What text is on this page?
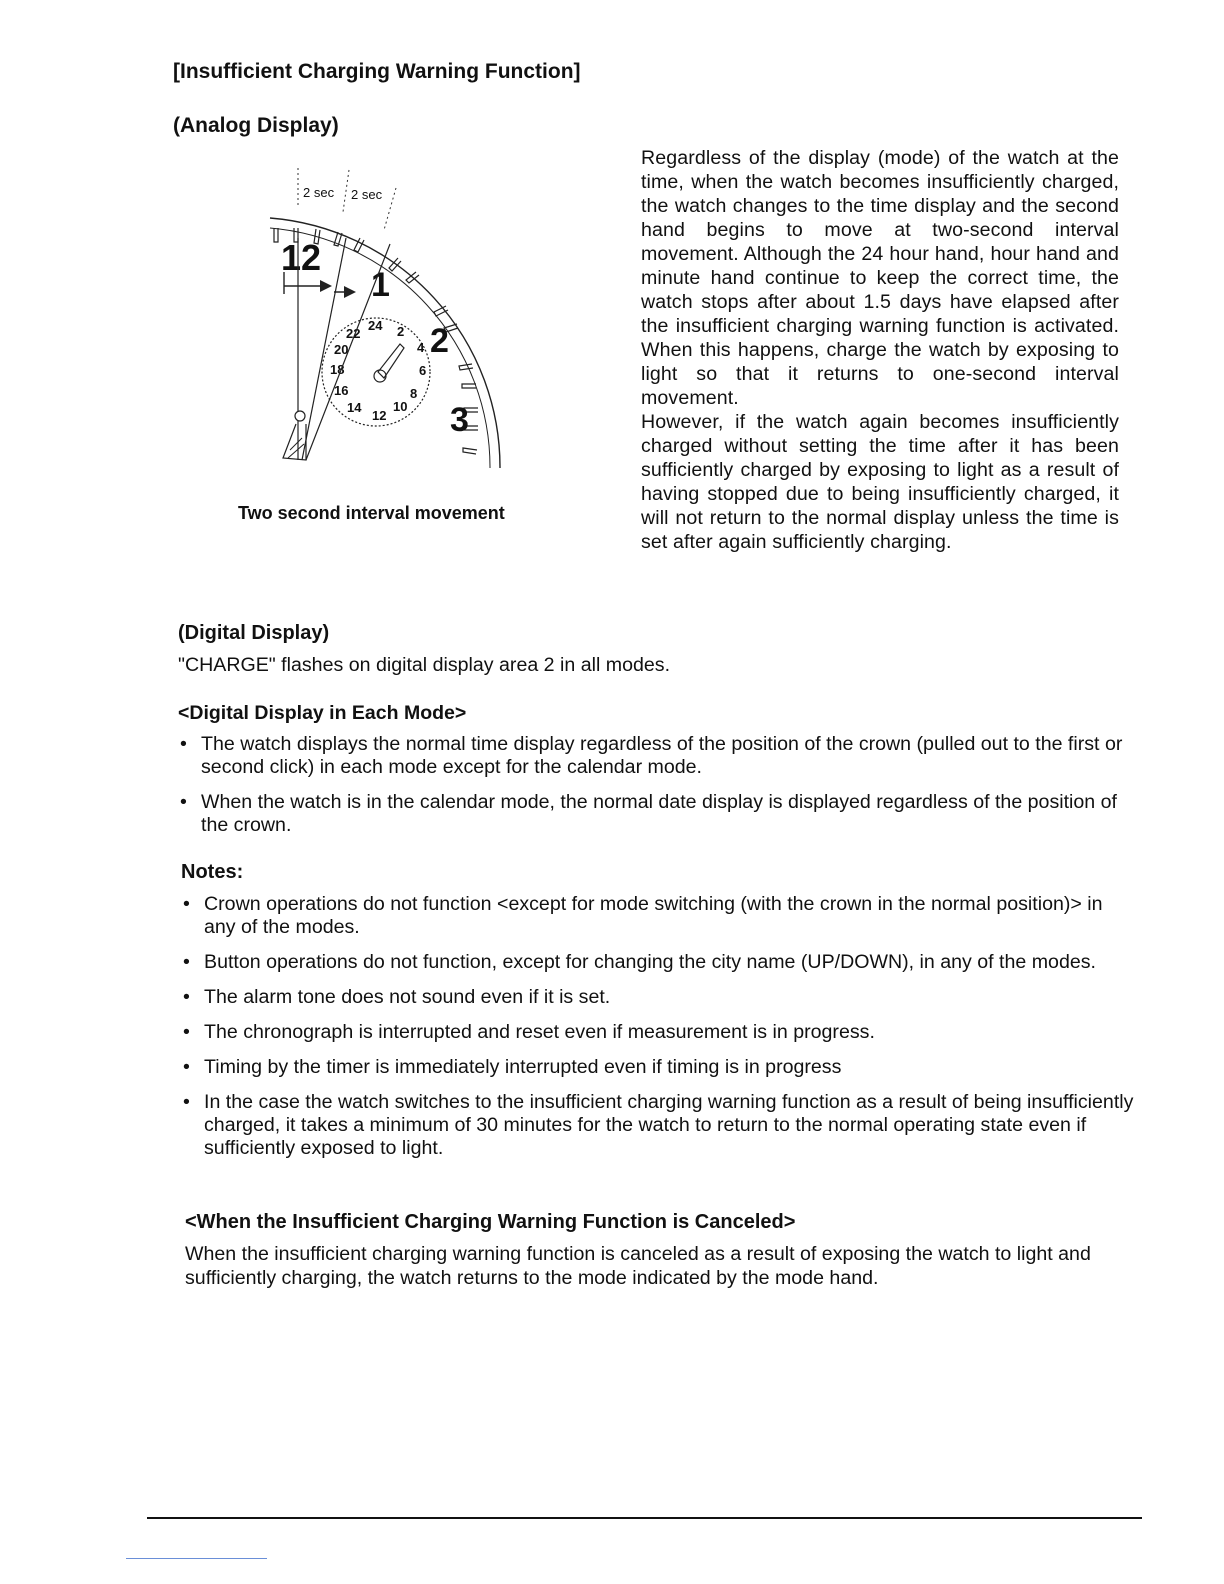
[Insufficient Charging Warning Function]
(Analog Display)
2 sec 2 sec
12
1
2
3
24 2
4
6
8
10
12
14
16
18
20
22
Two second interval movement

Regardless of the display (mode) of the watch at the time, when the watch becomes insufficiently charged, the watch changes to the time display and the second hand begins to move at two-second interval movement. Although the 24 hour hand, hour hand and minute hand continue to keep the correct time, the watch stops after about 1.5 days have elapsed after the insufficient charging warning function is activated. When this happens, charge the watch by exposing to light so that it returns to one-second interval movement.

However, if the watch again becomes insufficiently charged without setting the time after it has been sufficiently charged by exposing to light as a result of having stopped due to being insufficiently charged, it will not return to the normal display unless the time is set after again sufficiently charging.

(Digital Display)
"CHARGE" flashes on digital display area 2 in all modes.
<Digital Display in Each Mode>
• The watch displays the normal time display regardless of the position of the crown (pulled out to the first or second click) in each mode except for the calendar mode.
• When the watch is in the calendar mode, the normal date display is displayed regardless of the position of the crown.
Notes:
• Crown operations do not function <except for mode switching (with the crown in the normal position)> in any of the modes.
• Button operations do not function, except for changing the city name (UP/DOWN), in any of the modes.
• The alarm tone does not sound even if it is set.
• The chronograph is interrupted and reset even if measurement is in progress.
• Timing by the timer is immediately interrupted even if timing is in progress
• In the case the watch switches to the insufficient charging warning function as a result of being insufficiently charged, it takes a minimum of 30 minutes for the watch to return to the normal operating state even if sufficiently exposed to light.
<When the Insufficient Charging Warning Function is Canceled>
When the insufficient charging warning function is canceled as a result of exposing the watch to light and sufficiently charging, the watch returns to the mode indicated by the mode hand.
